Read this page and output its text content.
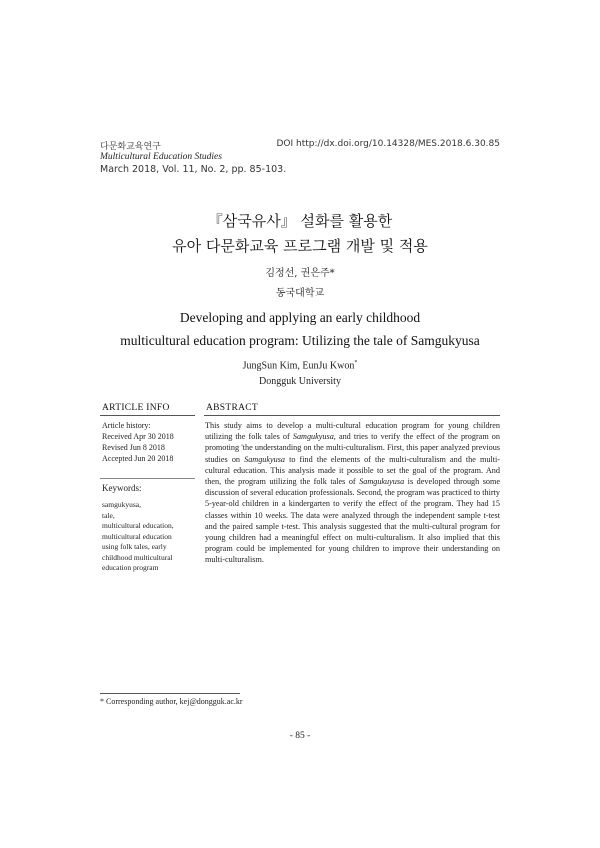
다문화교육연구	DOI http://dx.doi.org/10.14328/MES.2018.6.30.85
Multicultural Education Studies
March 2018, Vol. 11, No. 2, pp. 85-103.
『삼국유사』 설화를 활용한
유아 다문화교육 프로그램 개발 및 적용
김정선, 권은주*
동국대학교
Developing and applying an early childhood
multicultural education program: Utilizing the tale of Samgukyusa
JungSun Kim, EunJu Kwon*
Dongguk University
ARTICLE INFO	ABSTRACT
Article history:
Received Apr 30 2018
Revised Jun 8 2018
Accepted Jun 20 2018
Keywords:
samgukyusa,
tale,
multicultural education,
multicultural education
using folk tales, early
childhood multicultural
education program

This study aims to develop a multi-cultural education program for young children utilizing the folk tales of Samgukyusa, and tries to verify the effect of the program on promoting 'the understanding on the multi-culturalism. First, this paper analyzed previous studies on Samgukyusa to find the elements of the multi-culturalism and the multi-cultural education. This analysis made it possible to set the goal of the program. And then, the program utilizing the folk tales of Samgukuyusa is developed through some discussion of several education professionals. Second, the program was practiced to thirty 5-year-old children in a kindergarten to verify the effect of the program. They had 15 classes within 10 weeks. The data were analyzed through the independent sample t-test and the paired sample t-test. This analysis suggested that the multi-cultural program for young children had a meaningful effect on multi-culturalism. It also implied that this program could be implemented for young children to improve their understanding on multi-culturalism.

* Corresponding author, kej@dongguk.ac.kr
- 85 -
